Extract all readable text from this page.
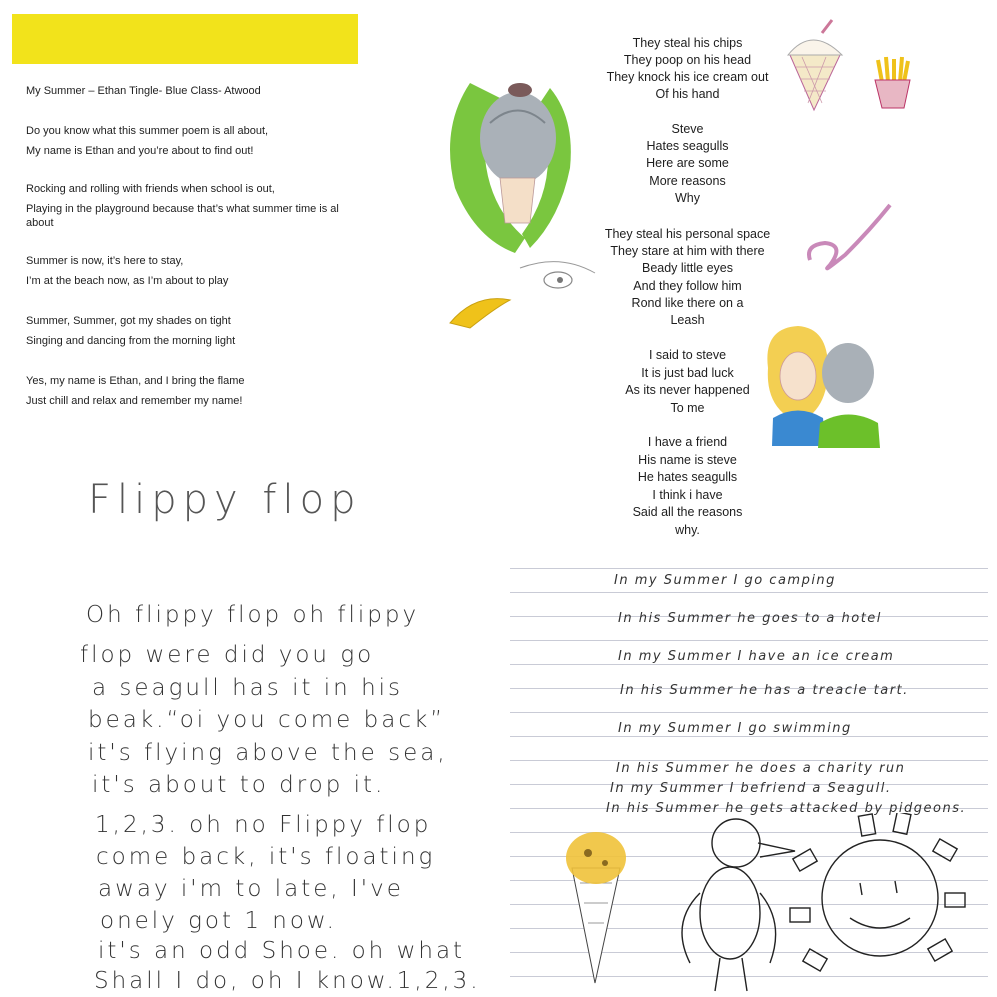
My Summer – Ethan Tingle- Blue Class- Atwood
Do you know what this summer poem is all about,
My name is Ethan and you’re about to find out!
Rocking and rolling with friends when school is out,
Playing in the playground because that’s what summer time is al about
Summer is now, it’s here to stay,
I’m at the beach now, as I’m about to play
Summer, Summer, got my shades on tight
Singing and dancing from the morning light
Yes, my name is Ethan, and I bring the flame
Just chill and relax and remember my name!
They steal his chips
They poop on his head
They knock his ice cream out
Of his hand
Steve
Hates seagulls
Here are some
More reasons
Why
They steal his personal space
They stare at him with there
Beady little eyes
And they follow him
Rond like there on a
Leash
I said to steve
It is just bad luck
As its never happened
To me
I have a friend
His name is steve
He hates seagulls
I think i have
Said all the reasons
why.
Flippy flop
Oh flippy flop oh flippy
flop were did you go
a seagull has it in his
beak.“oi you come back”
it's flying above the sea,
it's about to drop it.
1,2,3. oh no Flippy flop
come back, it's floating
away i'm to late, I've
onely got 1 now.
it's an odd Shoe. oh what
Shall I do, oh I know.1,2,3.
In my Summer I go camping
In his Summer he goes to a hotel
In my Summer I have an ice cream
In his Summer he has a treacle tart.
In my Summer I go swimming
In his Summer he does a charity run
In my Summer I befriend a Seagull.
In his Summer he gets attacked by pidgeons.
